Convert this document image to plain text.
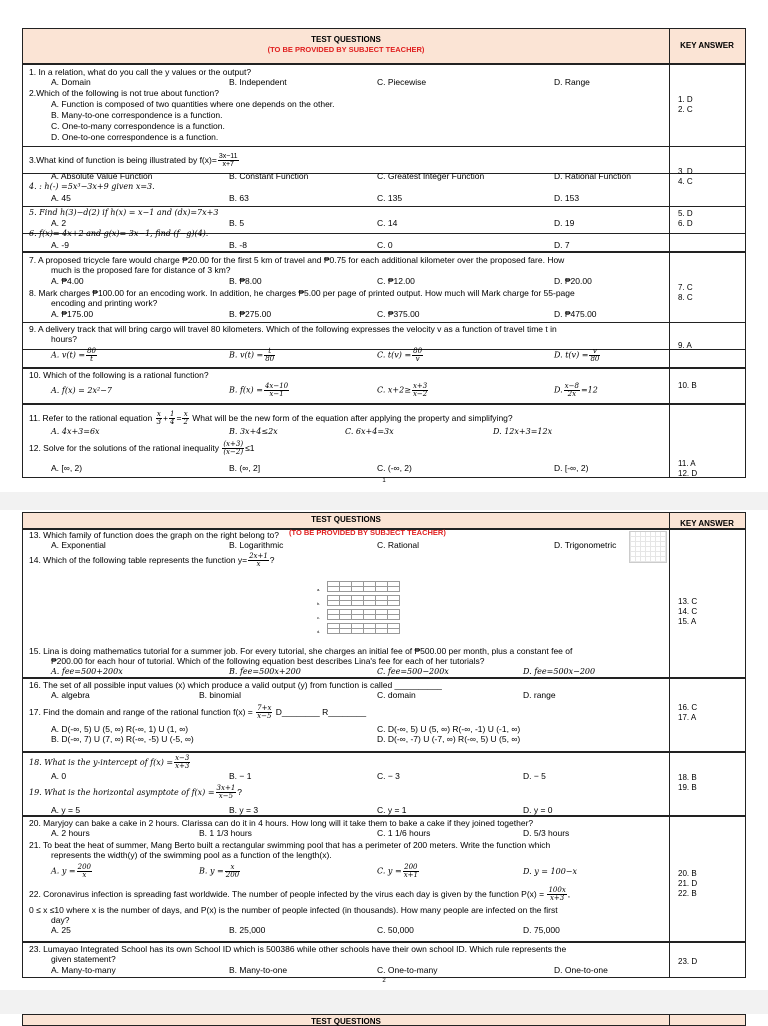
TEST QUESTIONS
(TO BE PROVIDED BY SUBJECT TEACHER)	KEY ANSWER
1. In a relation, what do you call the y values or the output?
A. Domain	B. Independent	C. Piecewise	D. Range
2.Which of the following is not true about function?
A. Function is composed of two quantities where one depends on the other.
B. Many-to-one correspondence is a function.
C. One-to-many correspondence is a function.
D. One-to-one correspondence is a function.
1. D
2. C
3.What kind of function is being illustrated by $f(x)= \frac{3x-11}{x+7}$
A. Absolute Value Function	B. Constant Function	C. Greatest Integer Function	D. Rational Function
4. : h(-) =5x³−3x+9 given x=3.
A. 45	B. 63	C. 135	D. 153
3. D
4. C
5. Find h(3)−d(2) if h(x) = x−1 and (dx)=7x+3
A. 2	B. 5	C. 14	D. 19
6. f(x)= 4x+2 and g(x)= 3x−1, find (f−g)(4).
A. -9	B. -8	C. 0	D. 7
5. D
6. D
7. A proposed tricycle fare would charge ₱20.00 for the first 5 km of travel and ₱0.75 for each additional kilometer over the proposed fare. How
much is the proposed fare for distance of 3 km?
A. ₱4.00	B. ₱8.00	C. ₱12.00	D. ₱20.00
8. Mark charges ₱100.00 for an encoding work. In addition, he charges ₱5.00 per page of printed output. How much will Mark charge for 55-page
encoding and printing work?
A. ₱175.00	B. ₱275.00	C. ₱375.00	D. ₱475.00
7. C
8. C
9. A delivery track that will bring cargo will travel 80 kilometers. Which of the following expresses the velocity v as a function of travel time t in
hours?
A. $v(t) = \frac{80}{t}$	B. $v(t) = \frac{t}{80}$	C. $t(v) = \frac{80}{v}$	D. $t(v) = \frac{v}{80}$
9. A
10. Which of the following is a rational function?
A. f(x) = 2x²−7	B. $f(x) = \frac{4x-10}{x-1}$	C. $x+2\ge \frac{x+3}{x-2}$	D. $\frac{x-8}{2x} =12$	10. B
11. Refer to the rational equation $\frac{x}{3} + \frac{1}{4} = \frac{x}{2}$ What will be the new form of the equation after applying the property and simplifying?
A. 4x+3=6x	B. 3x+4≤2x	C. 6x+4=3x	D. 12x+3=12x
12. Solve for the solutions of the rational inequality $\frac{(x+3)}{(x-2)} \le 1$
A. [∞, 2)	B. (∞, 2]	C. (-∞, 2)	D. [-∞, 2)	11. A
12. D
1
TEST QUESTIONS	KEY ANSWER
(TO BE PROVIDED BY SUBJECT TEACHER)
13. Which family of function does the graph on the right belong to?
A. Exponential	B. Logarithmic	C. Rational	D. Trigonometric
14. Which of the following table represents the function $y= \frac{2x+1}{x}$ ?
a.
b.
c.
d.

15. Lina is doing mathematics tutorial for a summer job. For every tutorial, she charges an initial fee of ₱500.00 per month, plus a constant fee of
₱200.00 for each hour of tutorial. Which of the following equation best describes Lina's fee for each of her tutorials?
A. fee=500+200x	B. fee=500x+200	C. fee=500−200x	D. fee=500x−200
13. C
14. C
15. A
16. The set of all possible input values (x) which produce a valid output (y) from function is called __________
A. algebra	B. binomial	C. domain	D. range
17. Find the domain and range of the rational function $f(x) = \frac{7+x}{x-5}$ D________ R________
A. D(-∞, 5) U (5, ∞) R(-∞, 1) U (1, ∞)
B. D(-∞, 7) U (7, ∞) R(-∞, -5) U (-5, ∞)
C. D(-∞, 5) U (5, ∞) R(-∞, -1) U (-1, ∞)
D. D(-∞, -7) U (-7, ∞) R(-∞, 5) U (5, ∞)
16. C
17. A
18. What is the y-intercept of $f(x) = \frac{x-3}{x+3}$
A. 0	B. − 1	C. − 3	D. − 5
19. What is the horizontal asymptote of $f(x) = \frac{3x+1}{x-5}$ ?
A. y = 5	B. y = 3	C. y = 1	D. y = 0
18. B
19. B
20. Maryjoy can bake a cake in 2 hours. Clarissa can do it in 4 hours. How long will it take them to bake a cake if they joined together?
A. 2 hours	B. 1 1/3 hours	C. 1 1/6 hours	D. 5/3 hours
21. To beat the heat of summer, Mang Berto built a rectangular swimming pool that has a perimeter of 200 meters. Write the function which
represents the width(y) of the swimming pool as a function of the length(x).
A. $y = \frac{200}{x}$	B. $y = \frac{x}{200}$	C. $y = \frac{200}{x+1}$	D. y = 100−x
22. Coronavirus infection is spreading fast worldwide. The number of people infected by the virus each day is given by the function $P(x) = \frac{100x}{x+3}$ ,
0 ≤ x ≤10 where x is the number of days, and P(x) is the number of people infected (in thousands). How many people are infected on the first
day?
A. 25	B. 25,000	C. 50,000	D. 75,000
20. B
21. D
22. B
23. Lumayao Integrated School has its own School ID which is 500386 while other schools have their own school ID. Which rule represents the
given statement?
A. Many-to-many	B. Many-to-one	C. One-to-many	D. One-to-one
23. D
2
TEST QUESTIONS
